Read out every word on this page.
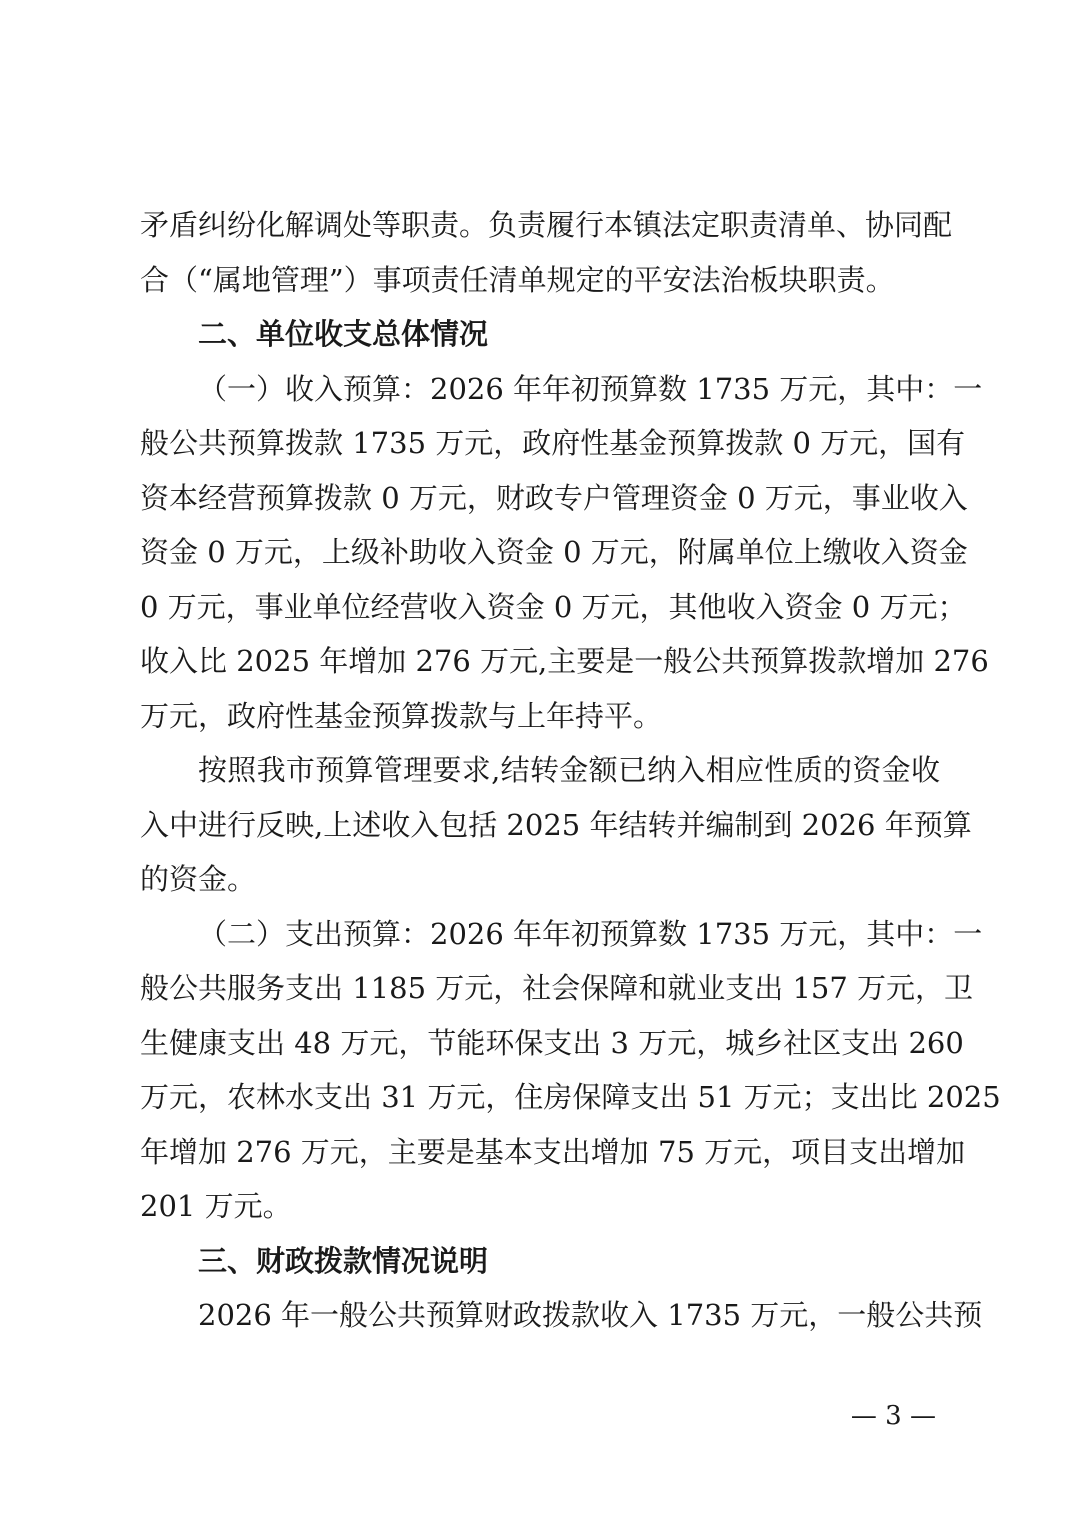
矛盾纠纷化解调处等职责。负责履行本镇法定职责清单、协同配
合（“属地管理”）事项责任清单规定的平安法治板块职责。
二、单位收支总体情况
（一）收入预算：2026 年年初预算数 1735 万元，其中：一
般公共预算拨款 1735 万元，政府性基金预算拨款 0 万元，国有
资本经营预算拨款 0 万元，财政专户管理资金 0 万元，事业收入
资金 0 万元，上级补助收入资金 0 万元，附属单位上缴收入资金
0 万元，事业单位经营收入资金 0 万元，其他收入资金 0 万元；
收入比 2025 年增加 276 万元,主要是一般公共预算拨款增加 276
万元，政府性基金预算拨款与上年持平。
按照我市预算管理要求,结转金额已纳入相应性质的资金收
入中进行反映,上述收入包括 2025 年结转并编制到 2026 年预算
的资金。
（二）支出预算：2026 年年初预算数 1735 万元，其中：一
般公共服务支出 1185 万元，社会保障和就业支出 157 万元，卫
生健康支出 48 万元，节能环保支出 3 万元，城乡社区支出 260
万元，农林水支出 31 万元，住房保障支出 51 万元；支出比 2025
年增加 276 万元，主要是基本支出增加 75 万元，项目支出增加
201 万元。
三、财政拨款情况说明
2026 年一般公共预算财政拨款收入 1735 万元，一般公共预
— 3 —
